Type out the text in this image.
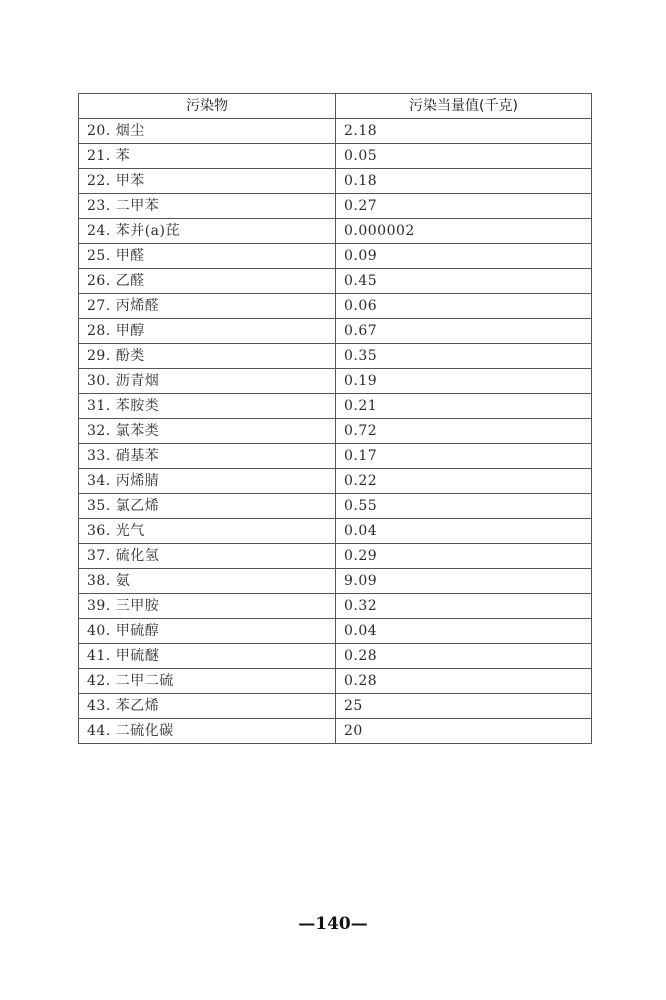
污染物	污染当量值(千克)
20. 烟尘	2.18
21. 苯	0.05
22. 甲苯	0.18
23. 二甲苯	0.27
24. 苯并(a)芘	0.000002
25. 甲醛	0.09
26. 乙醛	0.45
27. 丙烯醛	0.06
28. 甲醇	0.67
29. 酚类	0.35
30. 沥青烟	0.19
31. 苯胺类	0.21
32. 氯苯类	0.72
33. 硝基苯	0.17
34. 丙烯腈	0.22
35. 氯乙烯	0.55
36. 光气	0.04
37. 硫化氢	0.29
38. 氨	9.09
39. 三甲胺	0.32
40. 甲硫醇	0.04
41. 甲硫醚	0.28
42. 二甲二硫	0.28
43. 苯乙烯	25
44. 二硫化碳	20
—140—
